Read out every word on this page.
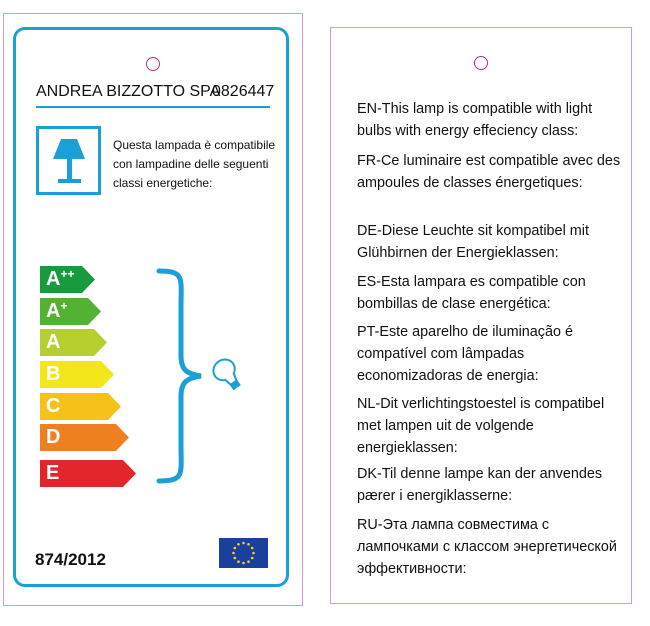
ANDREA BIZZOTTO SPA
0826447
Questa lampada è compatibile con lampadine delle seguenti classi energetiche:
A++
A+
A
B
C
D
E
874/2012
EN-This lamp is compatible with light bulbs with energy effeciency class:
FR-Ce luminaire est compatible avec des ampoules de classes énergetiques:
DE-Diese Leuchte sit kompatibel mit Glühbirnen der Energieklassen:
ES-Esta lampara es compatible con bombillas de clase energética:
PT-Este aparelho de iluminação é compatível com lâmpadas economizadoras de energia:
NL-Dit verlichtingstoestel is compatibel met lampen uit de volgende energieklassen:
DK-Til denne lampe kan der anvendes pærer i energiklasserne:
RU-Эта лампа совместима с лампочками с классом энергетической эффективности:
